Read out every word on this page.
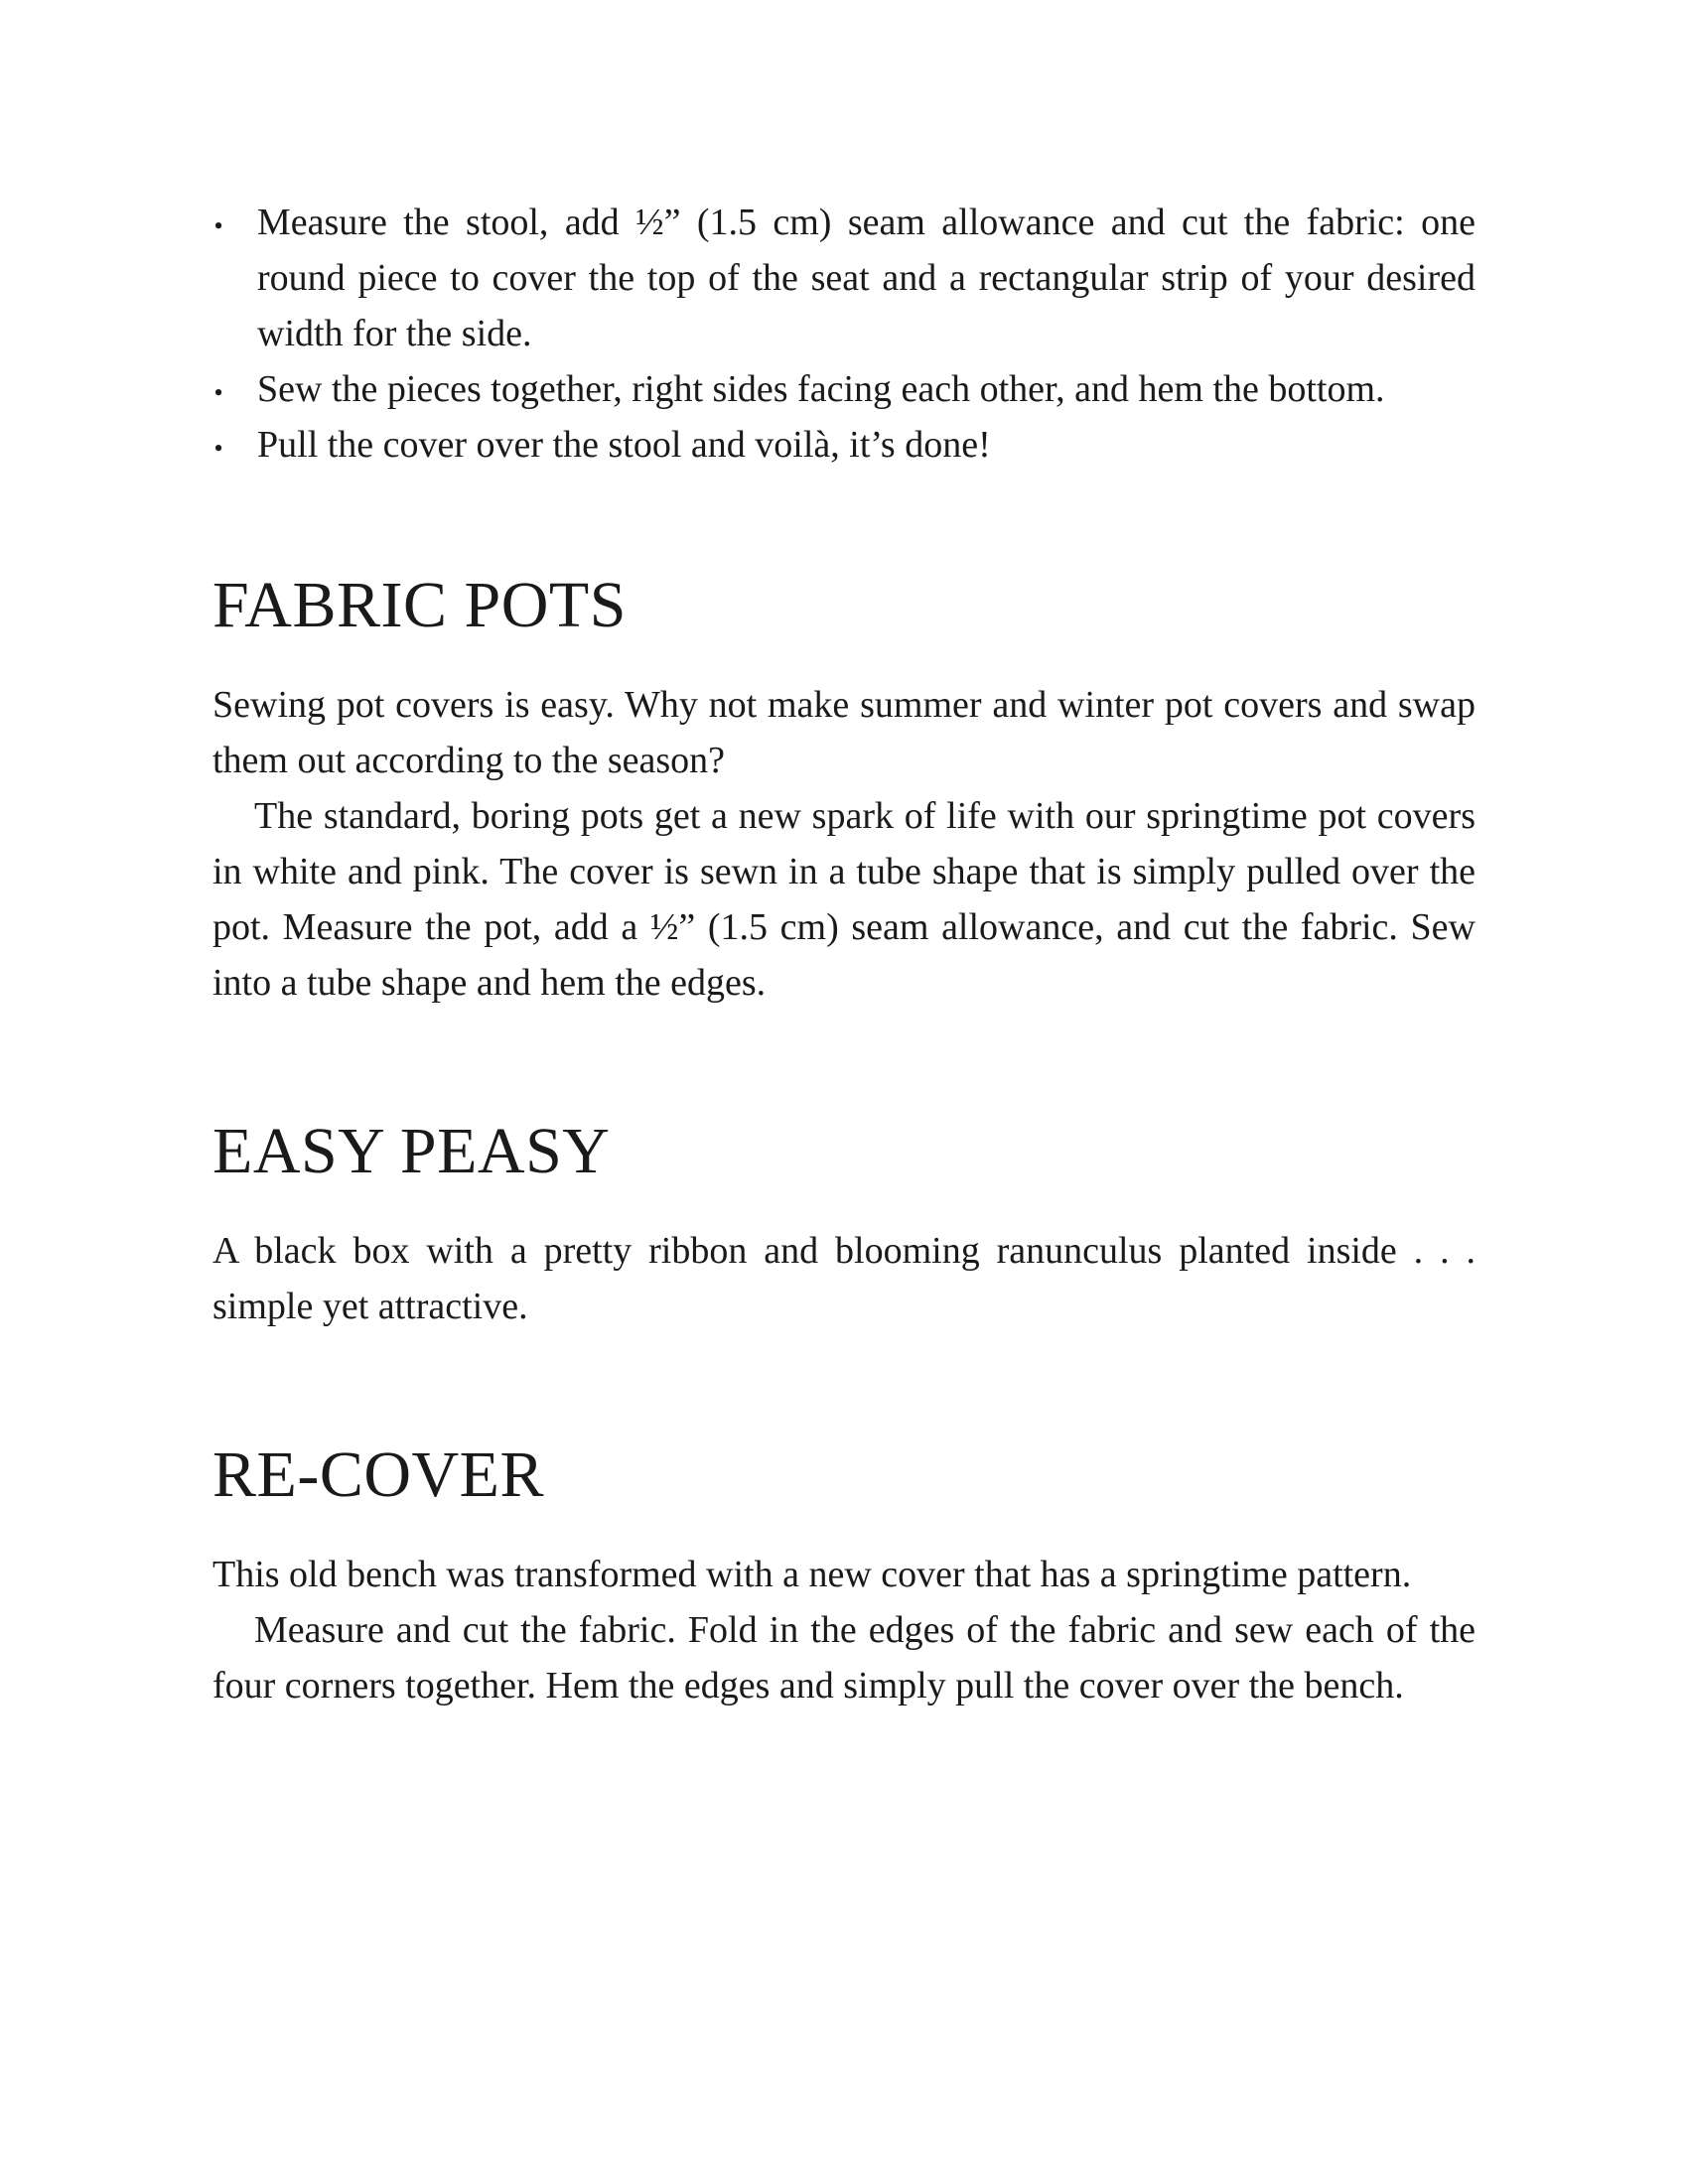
•
Measure the stool, add ½” (1.5 cm) seam allowance and cut the fabric: one round piece to cover the top of the seat and a rectangular strip of your desired width for the side.
•
Sew the pieces together, right sides facing each other, and hem the bottom.
•
Pull the cover over the stool and voilà, it’s done!
FABRIC POTS

Sewing pot covers is easy. Why not make summer and winter pot covers and swap them out according to the season?

The standard, boring pots get a new spark of life with our springtime pot covers in white and pink. The cover is sewn in a tube shape that is simply pulled over the pot. Measure the pot, add a ½” (1.5 cm) seam allowance, and cut the fabric. Sew into a tube shape and hem the edges.

EASY PEASY

A black box with a pretty ribbon and blooming ranunculus planted inside . . . simple yet attractive.

RE-COVER

This old bench was transformed with a new cover that has a springtime pattern.

Measure and cut the fabric. Fold in the edges of the fabric and sew each of the four corners together. Hem the edges and simply pull the cover over the bench.
